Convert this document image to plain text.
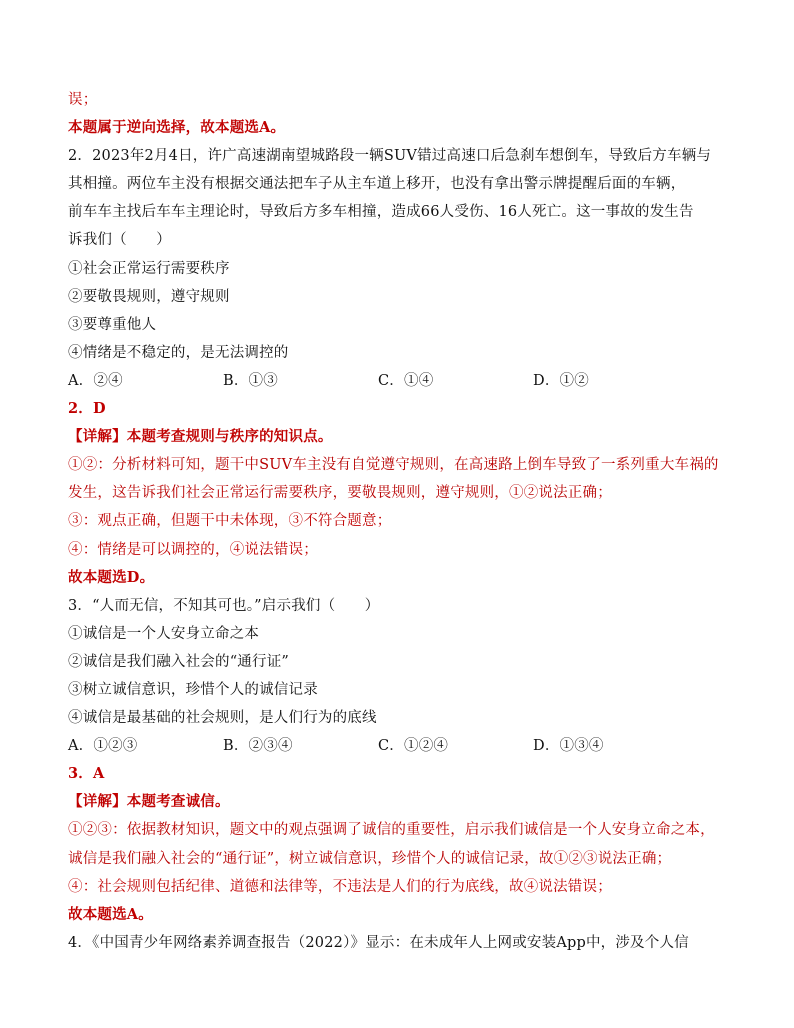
误；
本题属于逆向选择，故本题选A。
2．2023年2月4日，许广高速湖南望城路段一辆SUV错过高速口后急刹车想倒车，导致后方车辆与
其相撞。两位车主没有根据交通法把车子从主车道上移开，也没有拿出警示牌提醒后面的车辆，
前车车主找后车车主理论时，导致后方多车相撞，造成66人受伤、16人死亡。这一事故的发生告
诉我们（　　）
①社会正常运行需要秩序
②要敬畏规则，遵守规则
③要尊重他人
④情绪是不稳定的，是无法调控的
A．②④	B．①③	C．①④	D．①②
2．D
【详解】本题考查规则与秩序的知识点。
①②：分析材料可知，题干中SUV车主没有自觉遵守规则，在高速路上倒车导致了一系列重大车祸的
发生，这告诉我们社会正常运行需要秩序，要敬畏规则，遵守规则，①②说法正确；
③：观点正确，但题干中未体现，③不符合题意；
④：情绪是可以调控的，④说法错误；
故本题选D。
3．“人而无信，不知其可也。”启示我们（　　）
①诚信是一个人安身立命之本
②诚信是我们融入社会的“通行证”
③树立诚信意识，珍惜个人的诚信记录
④诚信是最基础的社会规则，是人们行为的底线
A．①②③	B．②③④	C．①②④	D．①③④
3．A
【详解】本题考查诚信。
①②③：依据教材知识，题文中的观点强调了诚信的重要性，启示我们诚信是一个人安身立命之本，
诚信是我们融入社会的“通行证”，树立诚信意识，珍惜个人的诚信记录，故①②③说法正确；
④：社会规则包括纪律、道德和法律等，不违法是人们的行为底线，故④说法错误；
故本题选A。
4．《中国青少年网络素养调查报告（2022）》显示：在未成年人上网或安装App中，涉及个人信
